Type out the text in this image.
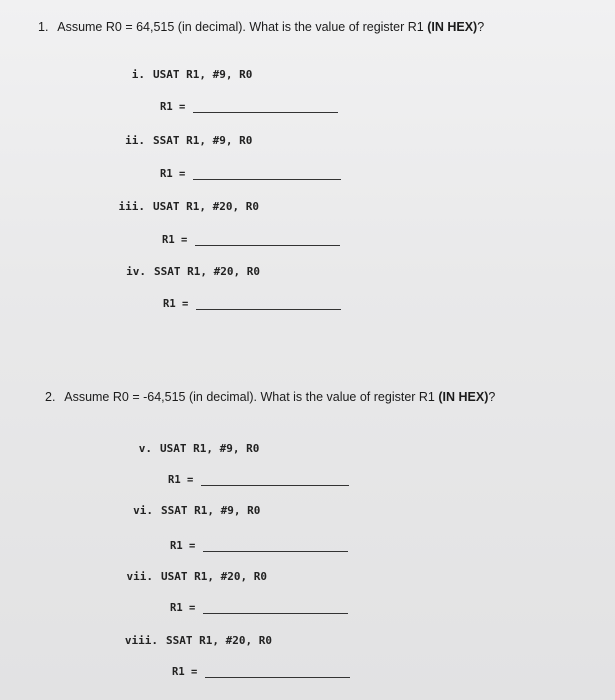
1. Assume R0 = 64,515 (in decimal). What is the value of register R1 (IN HEX)?
i. USAT R1, #9, R0
R1 =
ii. SSAT R1, #9, R0
R1 =
iii. USAT R1, #20, R0
R1 =
iv. SSAT R1, #20, R0
R1 =
2. Assume R0 = -64,515 (in decimal). What is the value of register R1 (IN HEX)?
v. USAT R1, #9, R0
R1 =
vi. SSAT R1, #9, R0
R1 =
vii. USAT R1, #20, R0
R1 =
viii. SSAT R1, #20, R0
R1 =
